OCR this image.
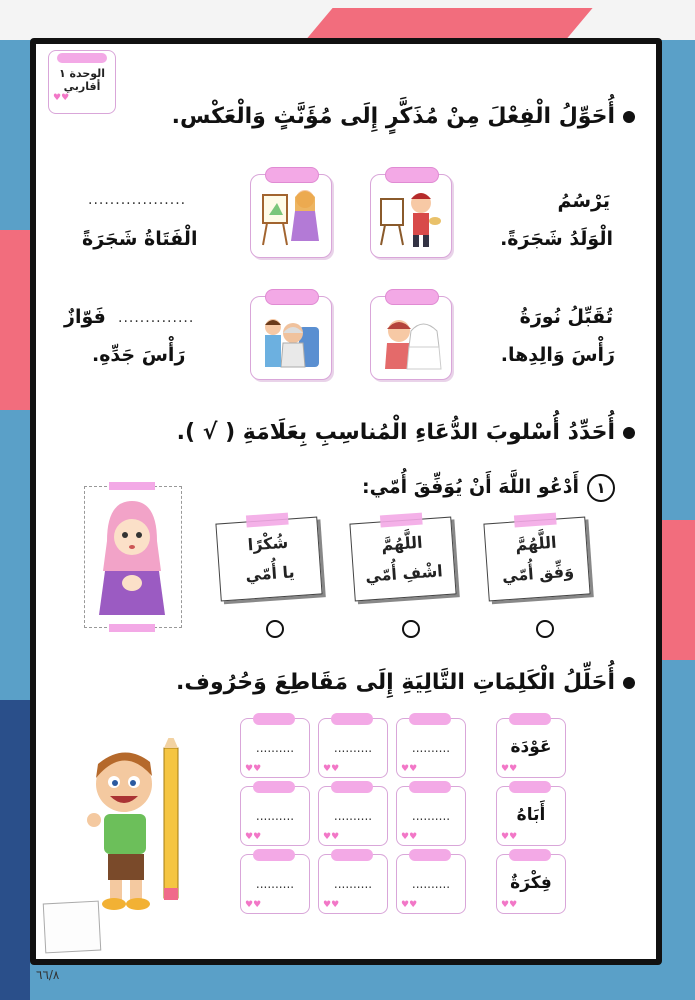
الوحدة ١
أقاربي
♥♥
أُحَوِّلُ الْفِعْلَ مِنْ مُذَكَّرٍ إِلَى مُؤَنَّثٍ وَالْعَكْس.
يَرْسُمُ
الْوَلَدُ شَجَرَةً.
..................
الْفَتَاةُ شَجَرَةً
تُقَبِّلُ نُورَةُ
رَأْسَ وَالِدِها.
..............
فَوّازٌ
رَأْسَ جَدِّهِ.
أُحَدِّدُ أُسْلوبَ الدُّعَاءِ الْمُناسِبِ بِعَلَامَةِ ( √ ).
١أَدْعُو اللَّهَ أَنْ يُوَفِّقَ أُمّي:
اللَّهُمَّ
وَفِّق أُمّي
اللَّهُمَّ
اشْفِ أُمّي
شُكْرًا
يا أُمّي
أُحَلِّلُ الْكَلِمَاتِ التَّالِيَةِ إِلَى مَقَاطِعَ وَحُرُوف.
عَوْدَة
♥♥
أَبَاهُ
♥♥
فِكْرَةٌ
♥♥
..........
♥♥
..........
♥♥
..........
♥♥
..........
♥♥
..........
♥♥
..........
♥♥
..........
♥♥
..........
♥♥
..........
♥♥
٦٦/٨
